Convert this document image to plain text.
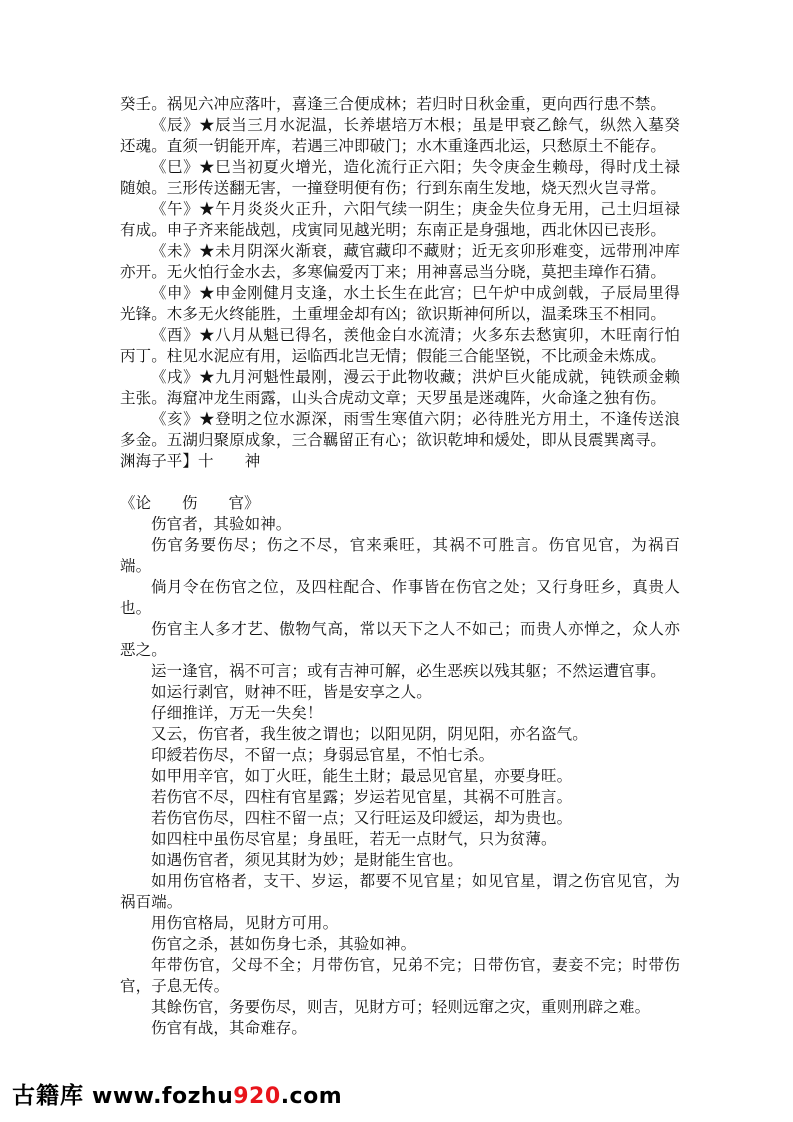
癸壬。祸见六冲应落叶，喜逢三合便成林；若归时日秋金重，更向西行患不禁。

《辰》★辰当三月水泥温，长养堪培万木根；虽是甲衰乙餘气，纵然入墓癸还魂。直须一钥能开库，若遇三冲即破门；水木重逢西北运，只愁原土不能存。

《巳》★巳当初夏火增光，造化流行正六阳；失令庚金生赖母，得时戊土禄随娘。三形传送翻无害，一撞登明便有伤；行到东南生发地，烧天烈火岂寻常。

《午》★午月炎炎火正升，六阳气续一阴生；庚金失位身无用，己土归垣禄有成。申子齐来能战剋，戌寅同见越光明；东南正是身强地，西北休囚已丧形。

《未》★未月阴深火渐衰，藏官藏印不藏财；近无亥卯形难变，远带刑冲库亦开。无火怕行金水去，多寒偏爱丙丁来；用神喜忌当分晓，莫把圭璋作石猜。

《申》★申金刚健月支逢，水土长生在此宫；巳午炉中成剑戟，子辰局里得光锋。木多无火终能胜，土重埋金却有凶；欲识斯神何所以，温柔珠玉不相同。

《酉》★八月从魁已得名，羡他金白水流清；火多东去愁寅卯，木旺南行怕丙丁。柱见水泥应有用，运临西北岂无情；假能三合能坚锐，不比顽金未炼成。

《戌》★九月河魁性最刚，漫云于此物收藏；洪炉巨火能成就，钝铁顽金赖主张。海窟冲龙生雨露，山头合虎动文章；天罗虽是迷魂阵，火命逢之独有伤。

《亥》★登明之位水源深，雨雪生寒值六阴；必待胜光方用土，不逢传送浪多金。五湖归聚原成象，三合羈留正有心；欲识乾坤和煖处，即从艮震巽离寻。

渊海子平】十　　神

《论　　伤　　官》

伤官者，其验如神。

伤官务要伤尽；伤之不尽，官来乘旺，其祸不可胜言。伤官见官，为祸百端。

倘月令在伤官之位，及四柱配合、作事皆在伤官之处；又行身旺乡，真贵人也。

伤官主人多才艺、傲物气高，常以天下之人不如己；而贵人亦惮之，众人亦恶之。

运一逢官，祸不可言；或有吉神可解，必生恶疾以残其躯；不然运遭官事。

如运行剥官，财神不旺，皆是安享之人。

仔细推详，万无一失矣！

又云，伤官者，我生彼之谓也；以阳见阴，阴见阳，亦名盗气。

印綬若伤尽，不留一点；身弱忌官星，不怕七杀。

如甲用辛官，如丁火旺，能生土財；最忌见官星，亦要身旺。

若伤官不尽，四柱有官星露；岁运若见官星，其祸不可胜言。

若伤官伤尽，四柱不留一点；又行旺运及印綬运，却为贵也。

如四柱中虽伤尽官星；身虽旺，若无一点財气，只为贫薄。

如遇伤官者，须见其財为妙；是財能生官也。

如用伤官格者，支干、岁运，都要不见官星；如见官星，谓之伤官见官，为祸百端。

用伤官格局，见財方可用。

伤官之杀，甚如伤身七杀，其验如神。

年带伤官，父母不全；月带伤官，兄弟不完；日带伤官，妻妾不完；时带伤官，子息无传。

其餘伤官，务要伤尽，则吉，见財方可；轻则远窜之灾，重则刑辟之难。

伤官有战，其命难存。

古籍库 www.fozhu920.com
